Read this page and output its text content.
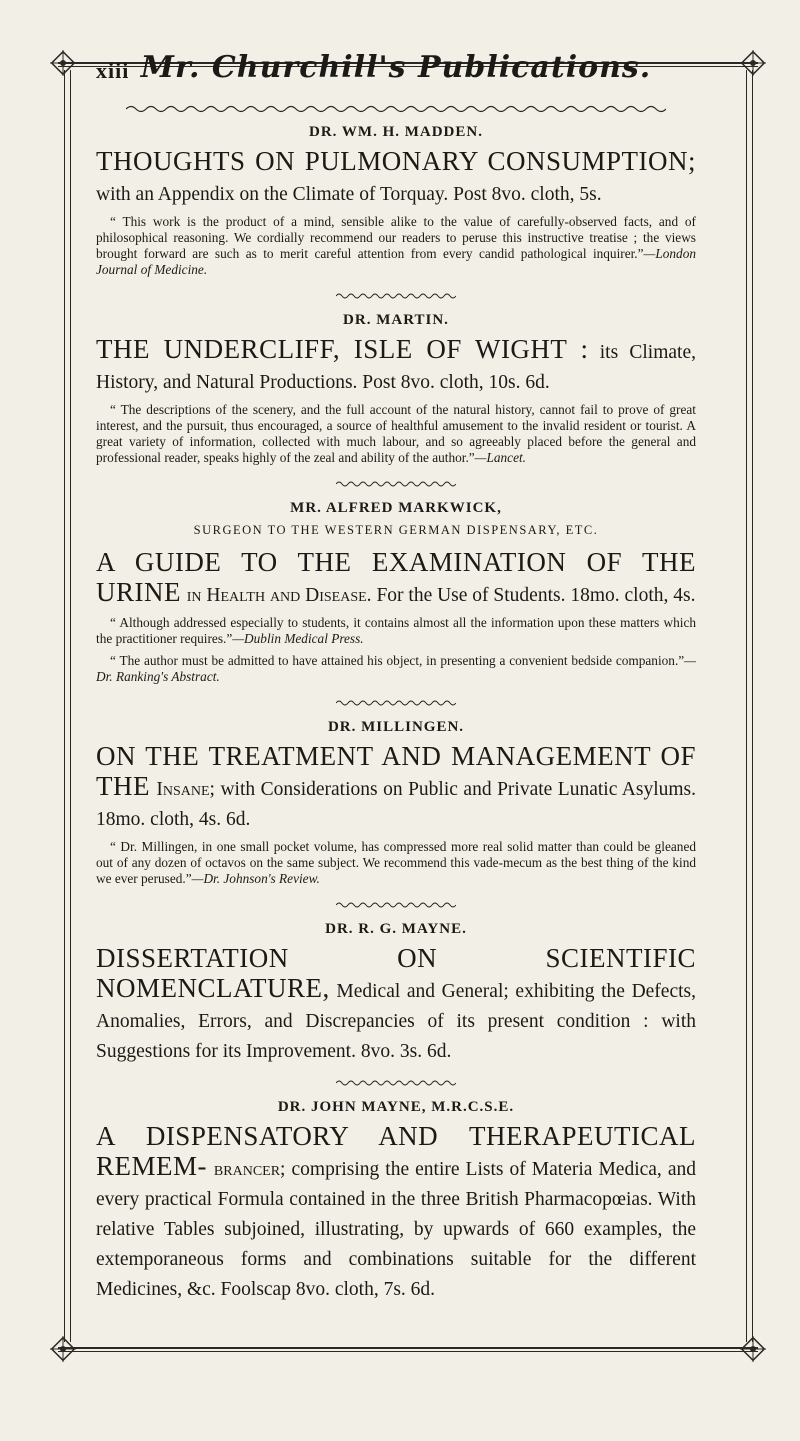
xiii Mr. Churchill's Publications.
DR. WM. H. MADDEN.
THOUGHTS ON PULMONARY CONSUMPTION; with an Appendix on the Climate of Torquay. Post 8vo. cloth, 5s.
“ This work is the product of a mind, sensible alike to the value of carefully-observed facts, and of philosophical reasoning. We cordially recommend our readers to peruse this instructive treatise ; the views brought forward are such as to merit careful attention from every candid pathological inquirer.”—London Journal of Medicine.
DR. MARTIN.
THE UNDERCLIFF, ISLE OF WIGHT : its Climate, History, and Natural Productions. Post 8vo. cloth, 10s. 6d.
“ The descriptions of the scenery, and the full account of the natural history, cannot fail to prove of great interest, and the pursuit, thus encouraged, a source of healthful amusement to the invalid resident or tourist. A great variety of information, collected with much labour, and so agreeably placed before the general and professional reader, speaks highly of the zeal and ability of the author.”—Lancet.
MR. ALFRED MARKWICK,
SURGEON TO THE WESTERN GERMAN DISPENSARY, ETC.
A GUIDE TO THE EXAMINATION OF THE URINE in Health and Disease. For the Use of Students. 18mo. cloth, 4s.
“ Although addressed especially to students, it contains almost all the information upon these matters which the practitioner requires.”—Dublin Medical Press.
“ The author must be admitted to have attained his object, in presenting a convenient bedside companion.”—Dr. Ranking's Abstract.
DR. MILLINGEN.
ON THE TREATMENT AND MANAGEMENT OF THE Insane; with Considerations on Public and Private Lunatic Asylums. 18mo. cloth, 4s. 6d.
“ Dr. Millingen, in one small pocket volume, has compressed more real solid matter than could be gleaned out of any dozen of octavos on the same subject. We recommend this vade-mecum as the best thing of the kind we ever perused.”—Dr. Johnson's Review.
DR. R. G. MAYNE.
DISSERTATION ON SCIENTIFIC NOMENCLATURE, Medical and General; exhibiting the Defects, Anomalies, Errors, and Discrepancies of its present condition : with Suggestions for its Improvement. 8vo. 3s. 6d.
DR. JOHN MAYNE, M.R.C.S.E.
A DISPENSATORY AND THERAPEUTICAL REMEM- brancer; comprising the entire Lists of Materia Medica, and every practical Formula contained in the three British Pharmacopœias. With relative Tables subjoined, illustrating, by upwards of 660 examples, the extemporaneous forms and combinations suitable for the different Medicines, &c. Foolscap 8vo. cloth, 7s. 6d.
